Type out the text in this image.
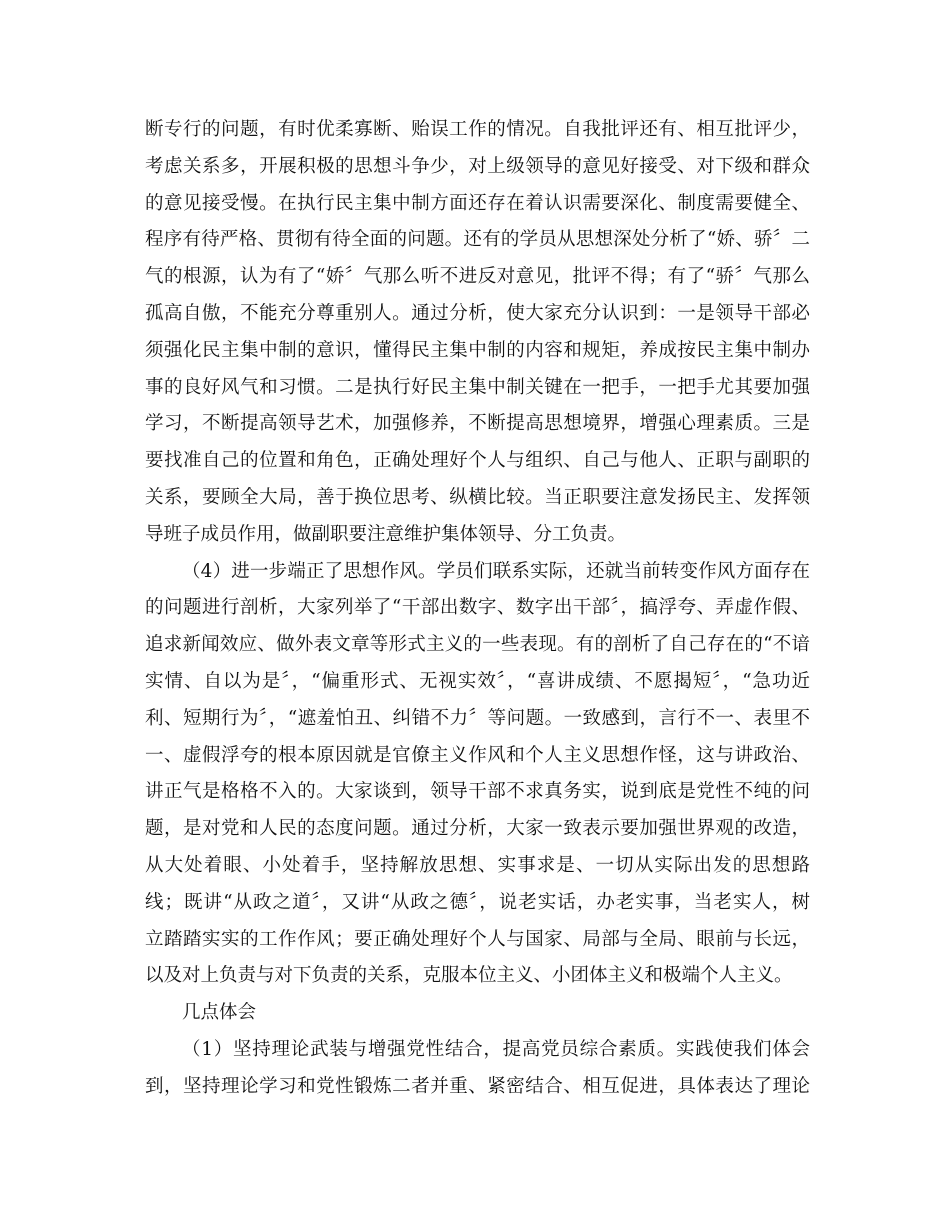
断专行的问题，有时优柔寡断、贻误工作的情况。自我批评还有、相互批评少，
考虑关系多，开展积极的思想斗争少，对上级领导的意见好接受、对下级和群众
的意见接受慢。在执行民主集中制方面还存在着认识需要深化、制度需要健全、
程序有待严格、贯彻有待全面的问题。还有的学员从思想深处分析了“娇、骄〞二
气的根源，认为有了“娇〞气那么听不进反对意见，批评不得；有了“骄〞气那么
孤高自傲，不能充分尊重别人。通过分析，使大家充分认识到：一是领导干部必
须强化民主集中制的意识，懂得民主集中制的内容和规矩，养成按民主集中制办
事的良好风气和习惯。二是执行好民主集中制关键在一把手，一把手尤其要加强
学习，不断提高领导艺术，加强修养，不断提高思想境界，增强心理素质。三是
要找准自己的位置和角色，正确处理好个人与组织、自己与他人、正职与副职的
关系，要顾全大局，善于换位思考、纵横比较。当正职要注意发扬民主、发挥领
导班子成员作用，做副职要注意维护集体领导、分工负责。
（4）进一步端正了思想作风。学员们联系实际，还就当前转变作风方面存在
的问题进行剖析，大家列举了“干部出数字、数字出干部〞，搞浮夸、弄虚作假、
追求新闻效应、做外表文章等形式主义的一些表现。有的剖析了自己存在的“不谙
实情、自以为是〞，“偏重形式、无视实效〞，“喜讲成绩、不愿揭短〞，“急功近
利、短期行为〞，“遮羞怕丑、纠错不力〞等问题。一致感到，言行不一、表里不
一、虚假浮夸的根本原因就是官僚主义作风和个人主义思想作怪，这与讲政治、
讲正气是格格不入的。大家谈到，领导干部不求真务实，说到底是党性不纯的问
题，是对党和人民的态度问题。通过分析，大家一致表示要加强世界观的改造，
从大处着眼、小处着手，坚持解放思想、实事求是、一切从实际出发的思想路
线；既讲“从政之道〞，又讲“从政之德〞，说老实话，办老实事，当老实人，树
立踏踏实实的工作作风；要正确处理好个人与国家、局部与全局、眼前与长远，
以及对上负责与对下负责的关系，克服本位主义、小团体主义和极端个人主义。
几点体会
（1）坚持理论武装与增强党性结合，提高党员综合素质。实践使我们体会
到，坚持理论学习和党性锻炼二者并重、紧密结合、相互促进，具体表达了理论
